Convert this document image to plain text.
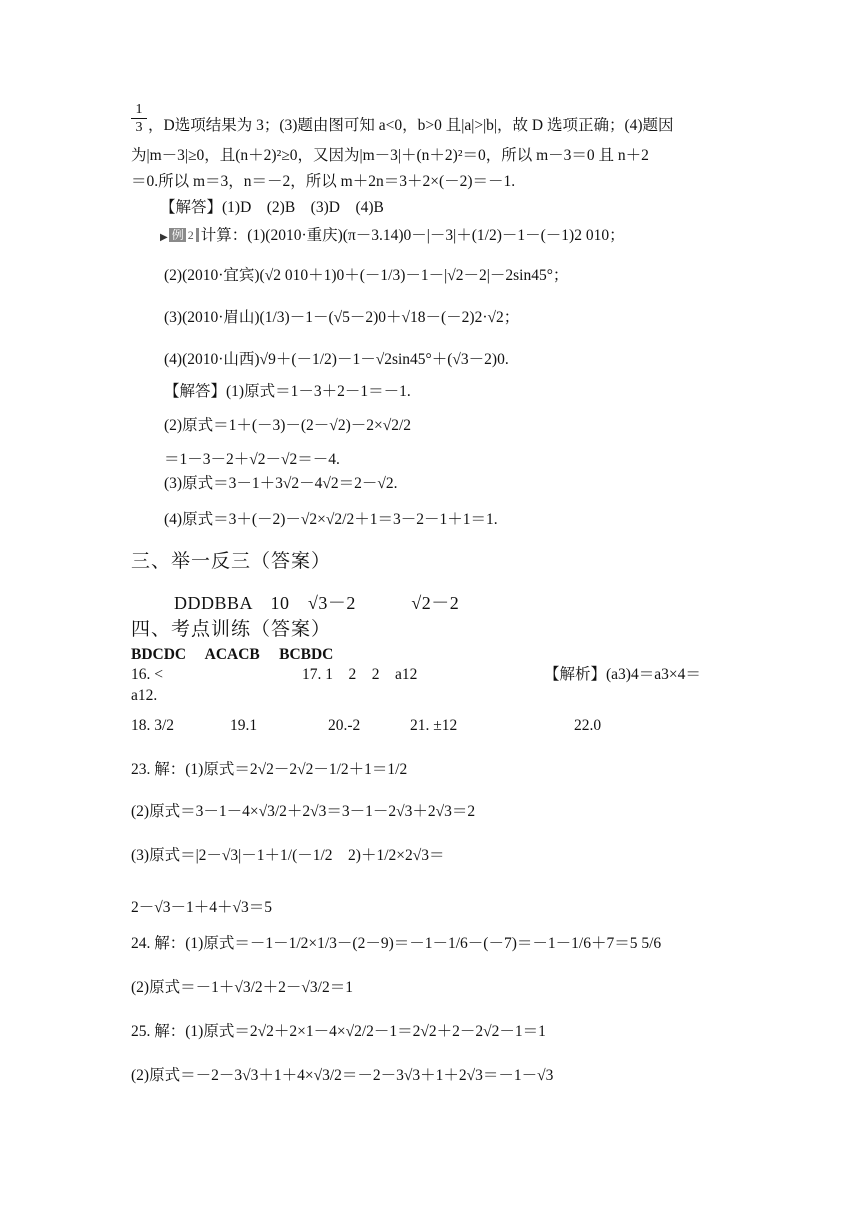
1
3 ，D选项结果为 3；(3)题由图可知 a<0，b>0 且|a|>|b|，故 D 选项正确；(4)题因
为|m－3|≥0，且(n＋2)²≥0，又因为|m－3|＋(n＋2)²＝0，所以 m－3＝0 且 n＋2
＝0.所以 m＝3，n＝－2，所以 m＋2n＝3＋2×(－2)＝－1.
【解答】(1)D　(2)B　(3)D　(4)B
▶ 例 2 计算：(1)(2010·重庆)(π－3.14)0－|－3|＋(1/2)－1－(－1)2 010；
(2)(2010·宜宾)(√2 010＋1)0＋(－1/3)－1－|√2－2|－2sin45°；
(3)(2010·眉山)(1/3)－1－(√5－2)0＋√18－(－2)2·√2；
(4)(2010·山西)√9＋(－1/2)－1－√2sin45°＋(√3－2)0.
【解答】(1)原式＝1－3＋2－1＝－1.
(2)原式＝1＋(－3)－(2－√2)－2×√2/2
＝1－3－2＋√2－√2＝－4.
(3)原式＝3－1＋3√2－4√2＝2－√2.
(4)原式＝3＋(－2)－√2×√2/2＋1＝3－2－1＋1＝1.
三、举一反三（答案）
DDDBBA　10　√3－2　　　√2－2
四、考点训练（答案）
BDCDC　 ACACB　 BCBDC
16. <	17. 1　2　2　a12	【解析】(a3)4＝a3×4＝
a12.
18. 3/2	19.1	20.-2	21. ±12	22.0
23. 解：(1)原式＝2√2－2√2－1/2＋1＝1/2
(2)原式＝3－1－4×√3/2＋2√3＝3－1－2√3＋2√3＝2
(3)原式＝|2－√3|－1＋1/(－1/2　2)＋1/2×2√3＝
2－√3－1＋4＋√3＝5
24. 解：(1)原式＝－1－1/2×1/3－(2－9)＝－1－1/6－(－7)＝－1－1/6＋7＝5 5/6
(2)原式＝－1＋√3/2＋2－√3/2＝1
25. 解：(1)原式＝2√2＋2×1－4×√2/2－1＝2√2＋2－2√2－1＝1
(2)原式＝－2－3√3＋1＋4×√3/2＝－2－3√3＋1＋2√3＝－1－√3
